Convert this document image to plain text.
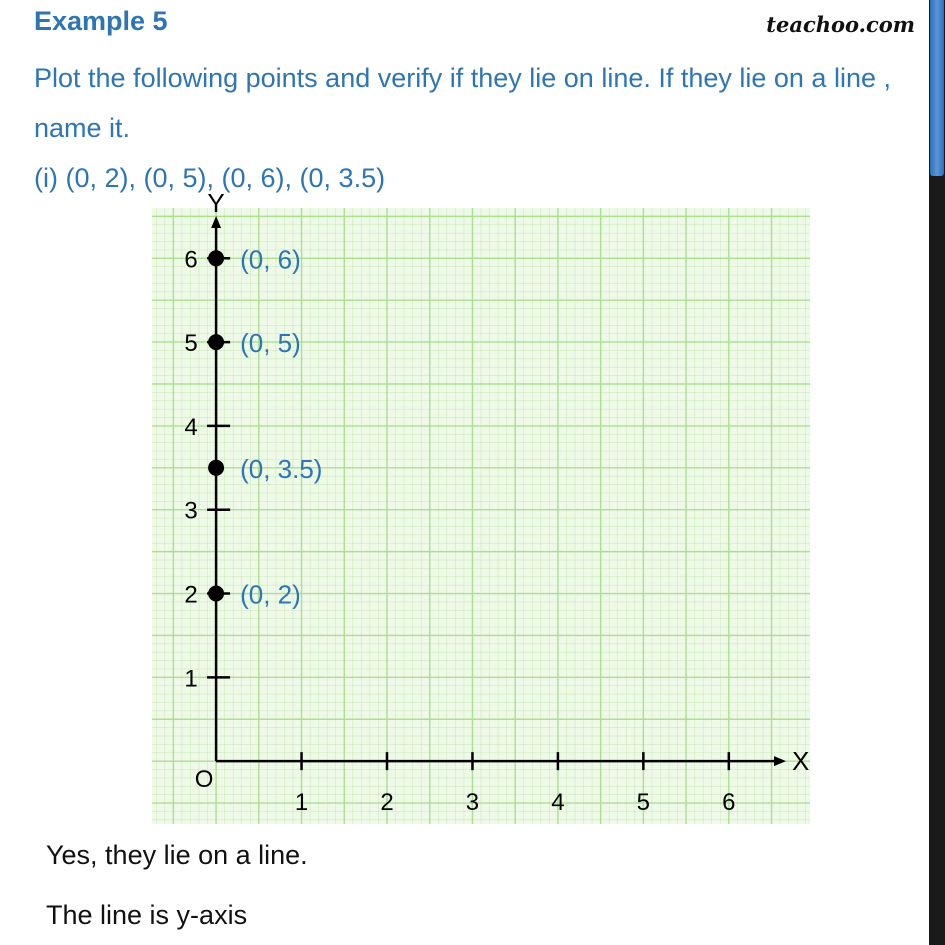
Example 5	teachoo.com

Plot the following points and verify if they lie on line. If they lie on a line , name it.
(i) (0, 2), (0, 5), (0, 6), (0, 3.5)

X
Y
O
1	2	3	4	5	6
1
2
3
4
5
6 (0, 6)
(0, 5)
(0, 3.5)
(0, 2)

Yes, they lie on a line.

The line is y-axis
